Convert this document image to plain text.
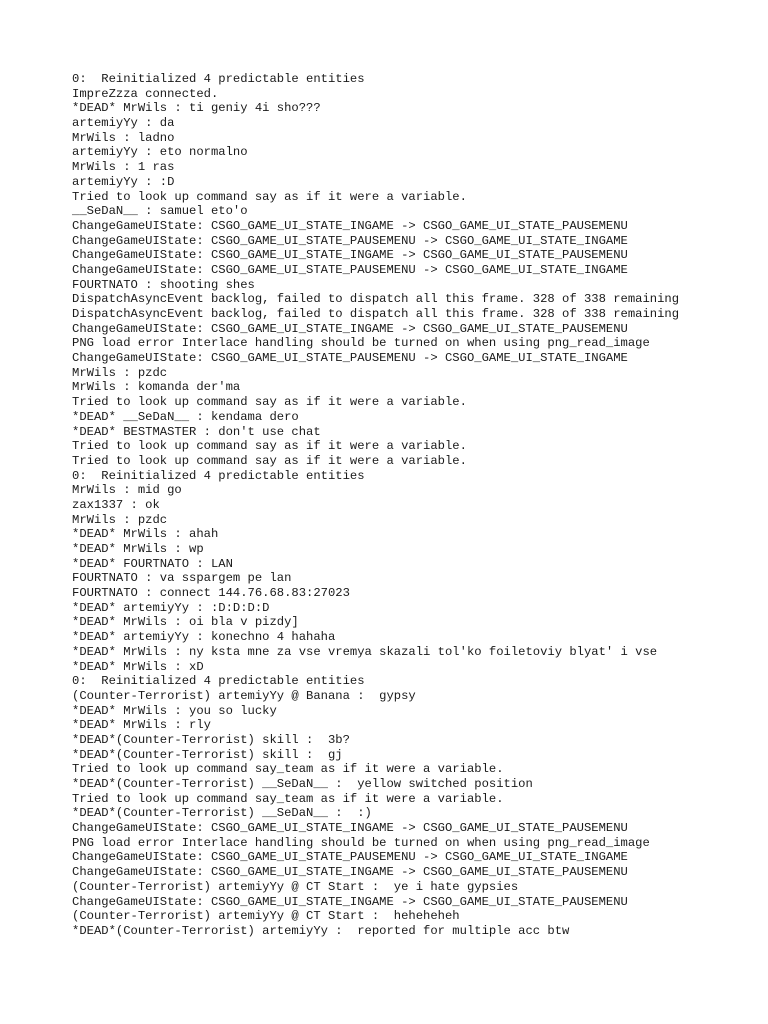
0:  Reinitialized 4 predictable entities
ImpreZzza connected.
*DEAD* MrWils : ti geniy 4i sho???
artemiyYy : da
MrWils : ladno
artemiyYy : eto normalno
MrWils : 1 ras
artemiyYy : :D
Tried to look up command say as if it were a variable.
__SeDaN__ : samuel eto'o
ChangeGameUIState: CSGO_GAME_UI_STATE_INGAME -> CSGO_GAME_UI_STATE_PAUSEMENU
ChangeGameUIState: CSGO_GAME_UI_STATE_PAUSEMENU -> CSGO_GAME_UI_STATE_INGAME
ChangeGameUIState: CSGO_GAME_UI_STATE_INGAME -> CSGO_GAME_UI_STATE_PAUSEMENU
ChangeGameUIState: CSGO_GAME_UI_STATE_PAUSEMENU -> CSGO_GAME_UI_STATE_INGAME
FOURTNATO : shooting shes
DispatchAsyncEvent backlog, failed to dispatch all this frame. 328 of 338 remaining
DispatchAsyncEvent backlog, failed to dispatch all this frame. 328 of 338 remaining
ChangeGameUIState: CSGO_GAME_UI_STATE_INGAME -> CSGO_GAME_UI_STATE_PAUSEMENU
PNG load error Interlace handling should be turned on when using png_read_image
ChangeGameUIState: CSGO_GAME_UI_STATE_PAUSEMENU -> CSGO_GAME_UI_STATE_INGAME
MrWils : pzdc
MrWils : komanda der'ma
Tried to look up command say as if it were a variable.
*DEAD* __SeDaN__ : kendama dero
*DEAD* BESTMASTER : don't use chat
Tried to look up command say as if it were a variable.
Tried to look up command say as if it were a variable.
0:  Reinitialized 4 predictable entities
MrWils : mid go
zax1337 : ok
MrWils : pzdc
*DEAD* MrWils : ahah
*DEAD* MrWils : wp
*DEAD* FOURTNATO : LAN
FOURTNATO : va sspargem pe lan
FOURTNATO : connect 144.76.68.83:27023
*DEAD* artemiyYy : :D:D:D:D
*DEAD* MrWils : oi bla v pizdy]
*DEAD* artemiyYy : konechno 4 hahaha
*DEAD* MrWils : ny ksta mne za vse vremya skazali tol'ko foiletoviy blyat' i vse
*DEAD* MrWils : xD
0:  Reinitialized 4 predictable entities
(Counter-Terrorist) artemiyYy @ Banana :  gypsy
*DEAD* MrWils : you so lucky
*DEAD* MrWils : rly
*DEAD*(Counter-Terrorist) skill :  3b?
*DEAD*(Counter-Terrorist) skill :  gj
Tried to look up command say_team as if it were a variable.
*DEAD*(Counter-Terrorist) __SeDaN__ :  yellow switched position
Tried to look up command say_team as if it were a variable.
*DEAD*(Counter-Terrorist) __SeDaN__ :  :)
ChangeGameUIState: CSGO_GAME_UI_STATE_INGAME -> CSGO_GAME_UI_STATE_PAUSEMENU
PNG load error Interlace handling should be turned on when using png_read_image
ChangeGameUIState: CSGO_GAME_UI_STATE_PAUSEMENU -> CSGO_GAME_UI_STATE_INGAME
ChangeGameUIState: CSGO_GAME_UI_STATE_INGAME -> CSGO_GAME_UI_STATE_PAUSEMENU
(Counter-Terrorist) artemiyYy @ CT Start :  ye i hate gypsies
ChangeGameUIState: CSGO_GAME_UI_STATE_INGAME -> CSGO_GAME_UI_STATE_PAUSEMENU
(Counter-Terrorist) artemiyYy @ CT Start :  heheheheh
*DEAD*(Counter-Terrorist) artemiyYy :  reported for multiple acc btw
